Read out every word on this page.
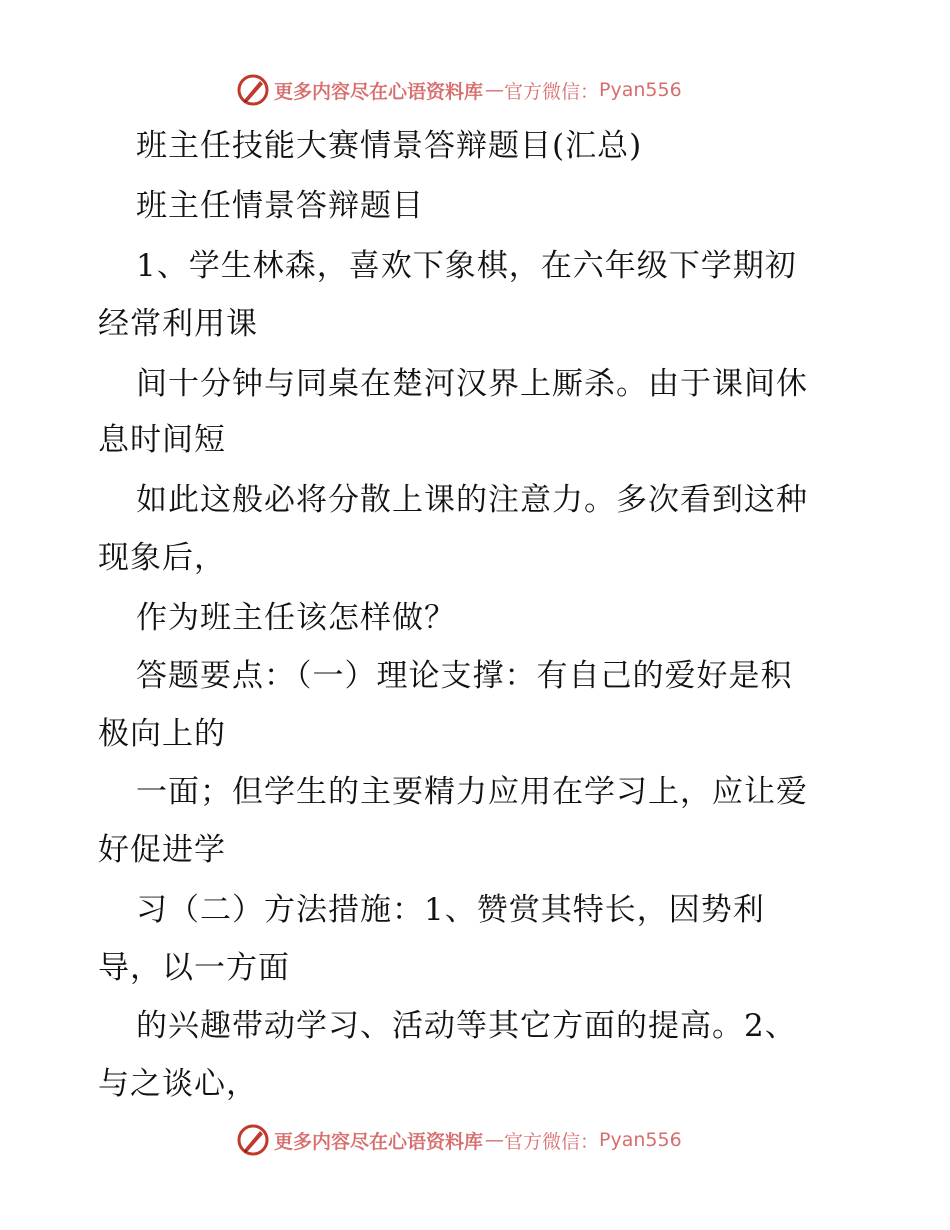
更多内容尽在心语资料库 — 官方微信： Pyan556
班主任技能大赛情景答辩题目(汇总)
班主任情景答辩题目
1、学生林森，喜欢下象棋，在六年级下学期初
经常利用课
间十分钟与同桌在楚河汉界上厮杀。由于课间休
息时间短
如此这般必将分散上课的注意力。多次看到这种
现象后，
作为班主任该怎样做？
答题要点：（一）理论支撑：有自己的爱好是积
极向上的
一面；但学生的主要精力应用在学习上，应让爱
好促进学
习（二）方法措施：1、赞赏其特长，因势利
导，以一方面
的兴趣带动学习、活动等其它方面的提高。2、
与之谈心，
更多内容尽在心语资料库 — 官方微信： Pyan556
